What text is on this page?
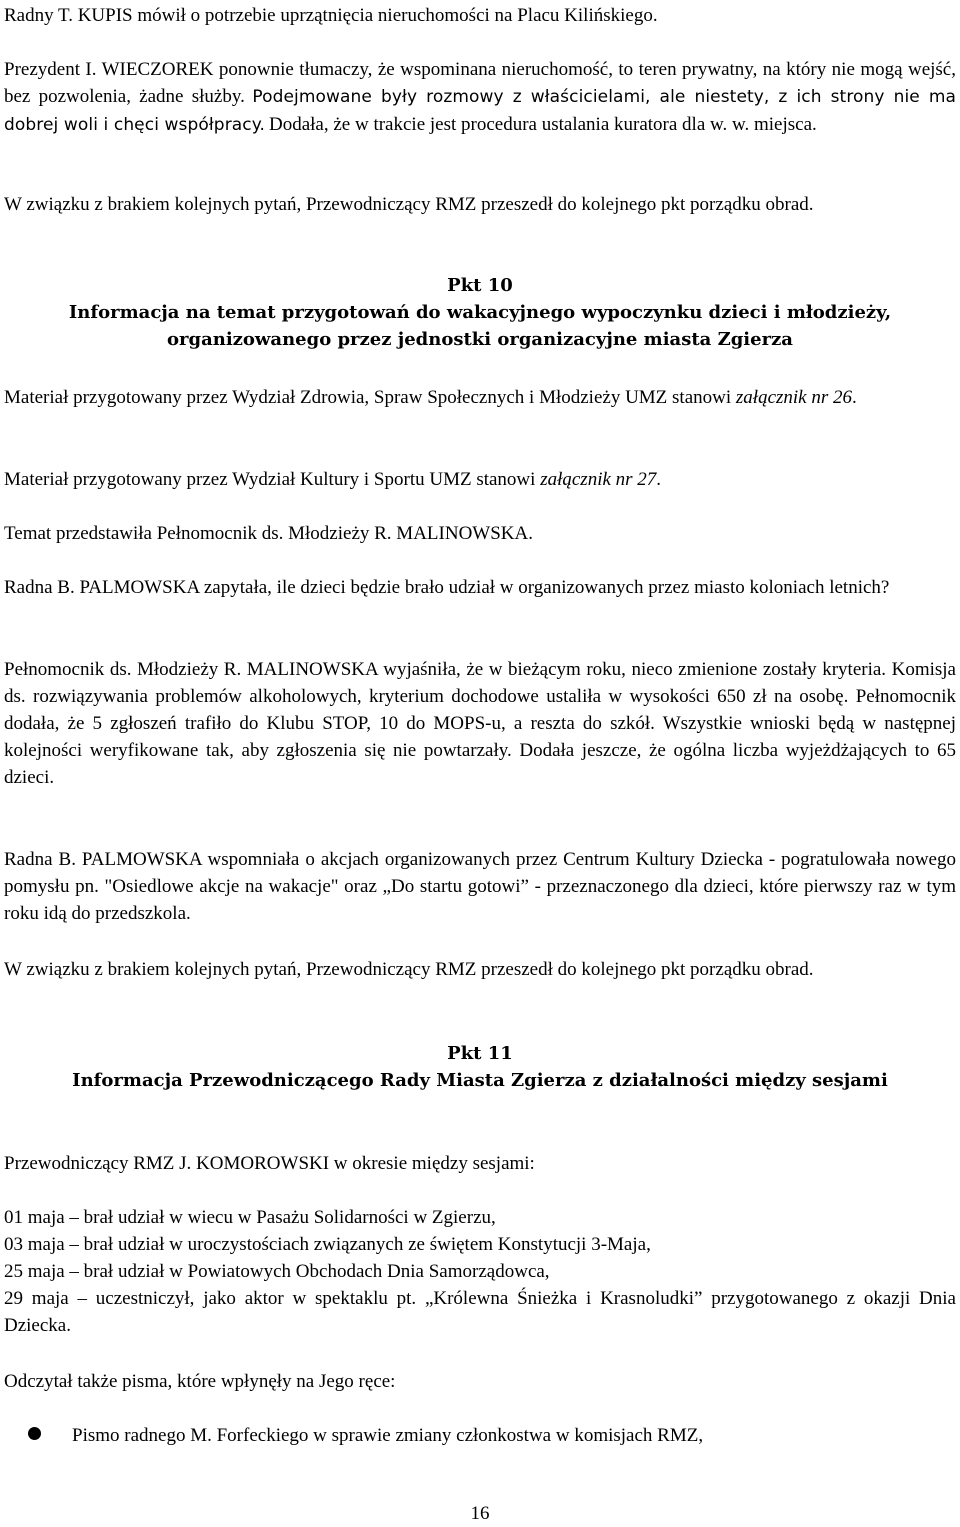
Radny T. KUPIS mówił o potrzebie uprzątnięcia nieruchomości na Placu Kilińskiego.

Prezydent I. WIECZOREK ponownie tłumaczy, że wspominana nieruchomość, to teren prywatny, na który nie mogą wejść, bez pozwolenia, żadne służby. Podejmowane były rozmowy z właścicielami, ale niestety, z ich strony nie ma dobrej woli i chęci współpracy. Dodała, że w trakcie jest procedura ustalania kuratora dla w. w. miejsca.

W związku z brakiem kolejnych pytań, Przewodniczący RMZ przeszedł do kolejnego pkt porządku obrad.

Pkt 10
Informacja na temat przygotowań do wakacyjnego wypoczynku dzieci i młodzieży,
organizowanego przez jednostki organizacyjne miasta Zgierza

Materiał przygotowany przez Wydział Zdrowia, Spraw Społecznych i Młodzieży UMZ stanowi załącznik nr 26.

Materiał przygotowany przez Wydział Kultury i Sportu UMZ stanowi załącznik nr 27.

Temat przedstawiła Pełnomocnik ds. Młodzieży R. MALINOWSKA.

Radna B. PALMOWSKA zapytała, ile dzieci będzie brało udział w organizowanych przez miasto koloniach letnich?

Pełnomocnik ds. Młodzieży R. MALINOWSKA wyjaśniła, że w bieżącym roku, nieco zmienione zostały kryteria. Komisja ds. rozwiązywania problemów alkoholowych, kryterium dochodowe ustaliła w wysokości 650 zł na osobę. Pełnomocnik dodała, że 5 zgłoszeń trafiło do Klubu STOP, 10 do MOPS-u, a reszta do szkół. Wszystkie wnioski będą w następnej kolejności weryfikowane tak, aby zgłoszenia się nie powtarzały. Dodała jeszcze, że ogólna liczba wyjeżdżających to 65 dzieci.

Radna B. PALMOWSKA wspomniała o akcjach organizowanych przez Centrum Kultury Dziecka - pogratulowała nowego pomysłu pn. "Osiedlowe akcje na wakacje" oraz „Do startu gotowi” - przeznaczonego dla dzieci, które pierwszy raz w tym roku idą do przedszkola.

W związku z brakiem kolejnych pytań, Przewodniczący RMZ przeszedł do kolejnego pkt porządku obrad.

Pkt 11
Informacja Przewodniczącego Rady Miasta Zgierza z działalności między sesjami

Przewodniczący RMZ J. KOMOROWSKI w okresie między sesjami:

01 maja – brał udział w wiecu w Pasażu Solidarności w Zgierzu,
03 maja – brał udział w uroczystościach związanych ze świętem Konstytucji 3-Maja,
25 maja – brał udział w Powiatowych Obchodach Dnia Samorządowca,
29 maja – uczestniczył, jako aktor w spektaklu pt. „Królewna Śnieżka i Krasnoludki” przygotowanego z okazji Dnia Dziecka.

Odczytał także pisma, które wpłynęły na Jego ręce:

Pismo radnego M. Forfeckiego w sprawie zmiany członkostwa w komisjach RMZ,

16
